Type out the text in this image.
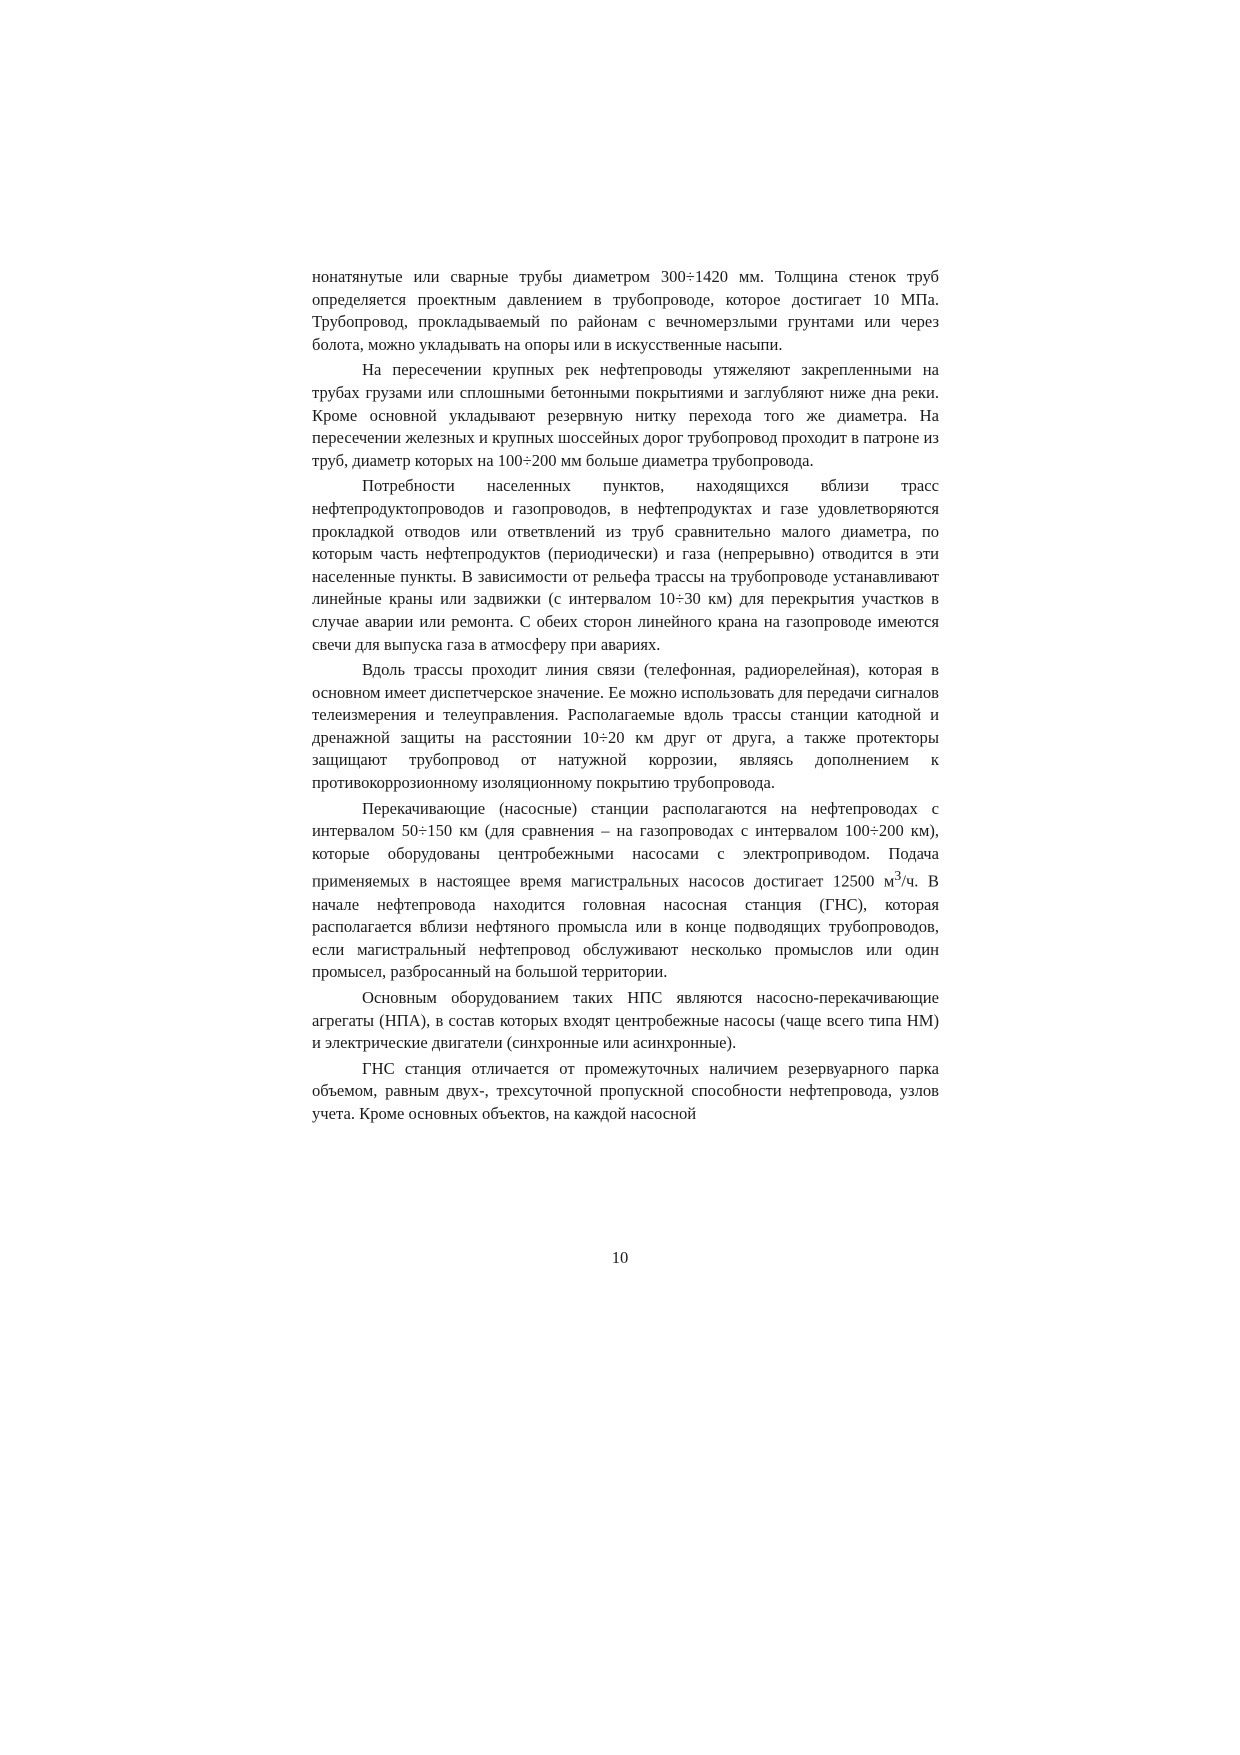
нонатянутые или сварные трубы диаметром 300÷1420 мм. Толщина стенок труб определяется проектным давлением в трубопроводе, которое достигает 10 МПа. Трубопровод, прокладываемый по районам с вечномерзлыми грунтами или через болота, можно укладывать на опоры или в искусственные насыпи.

На пересечении крупных рек нефтепроводы утяжеляют закрепленными на трубах грузами или сплошными бетонными покрытиями и заглубляют ниже дна реки. Кроме основной укладывают резервную нитку перехода того же диаметра. На пересечении железных и крупных шоссейных дорог трубопровод проходит в патроне из труб, диаметр которых на 100÷200 мм больше диаметра трубопровода.

Потребности населенных пунктов, находящихся вблизи трасс нефтепродуктопроводов и газопроводов, в нефтепродуктах и газе удовлетворяются прокладкой отводов или ответвлений из труб сравнительно малого диаметра, по которым часть нефтепродуктов (периодически) и газа (непрерывно) отводится в эти населенные пункты. В зависимости от рельефа трассы на трубопроводе устанавливают линейные краны или задвижки (с интервалом 10÷30 км) для перекрытия участков в случае аварии или ремонта. С обеих сторон линейного крана на газопроводе имеются свечи для выпуска газа в атмосферу при авариях.

Вдоль трассы проходит линия связи (телефонная, радиорелейная), которая в основном имеет диспетчерское значение. Ее можно использовать для передачи сигналов телеизмерения и телеуправления. Располагаемые вдоль трассы станции катодной и дренажной защиты на расстоянии 10÷20 км друг от друга, а также протекторы защищают трубопровод от натужной коррозии, являясь дополнением к противокоррозионному изоляционному покрытию трубопровода.

Перекачивающие (насосные) станции располагаются на нефтепроводах с интервалом 50÷150 км (для сравнения – на газопроводах с интервалом 100÷200 км), которые оборудованы центробежными насосами с электроприводом. Подача применяемых в настоящее время магистральных насосов достигает 12500 $м^3/ч$. В начале нефтепровода находится головная насосная станция (ГНС), которая располагается вблизи нефтяного промысла или в конце подводящих трубопроводов, если магистральный нефтепровод обслуживают несколько промыслов или один промысел, разбросанный на большой территории.

Основным оборудованием таких НПС являются насосно-перекачивающие агрегаты (НПА), в состав которых входят центробежные насосы (чаще всего типа НМ) и электрические двигатели (синхронные или асинхронные).

ГНС станция отличается от промежуточных наличием резервуарного парка объемом, равным двух-, трехсуточной пропускной способности нефтепровода, узлов учета. Кроме основных объектов, на каждой насосной

10
